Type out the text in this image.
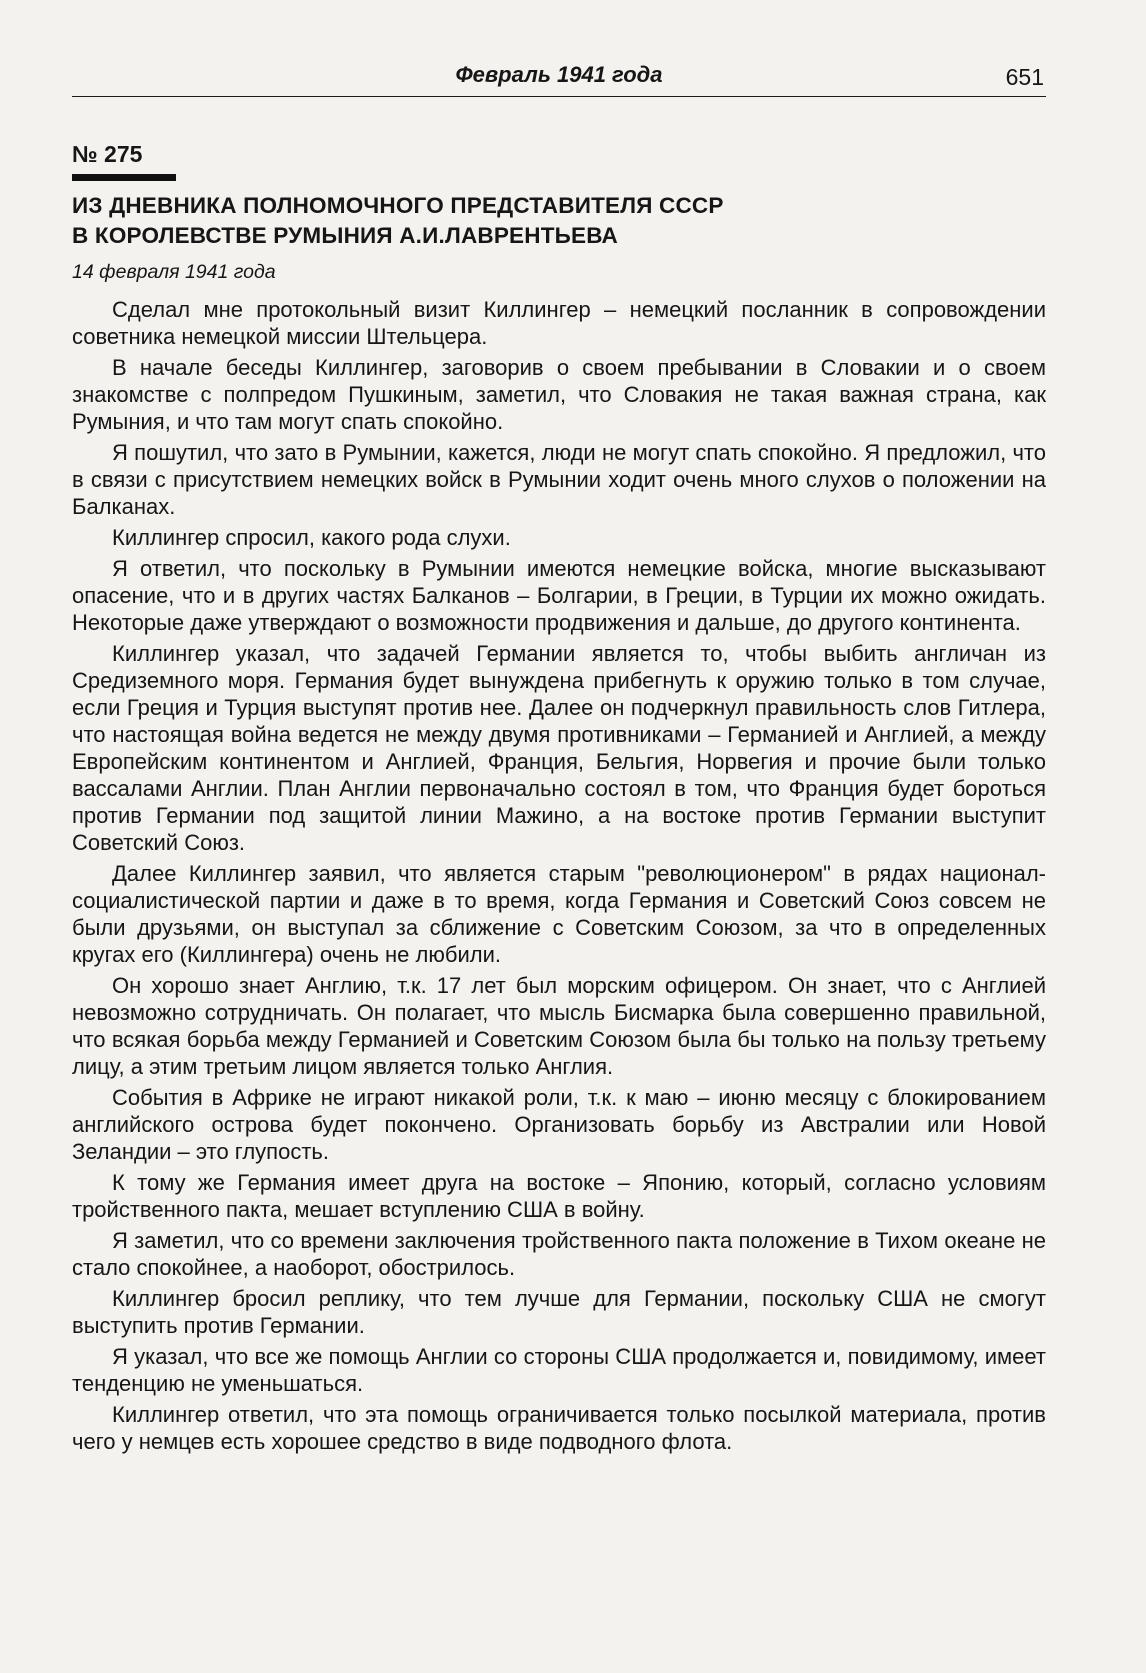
Февраль 1941 года	651
№ 275
ИЗ ДНЕВНИКА ПОЛНОМОЧНОГО ПРЕДСТАВИТЕЛЯ СССР
В КОРОЛЕВСТВЕ РУМЫНИЯ А.И.ЛАВРЕНТЬЕВА
14 февраля 1941 года

Сделал мне протокольный визит Киллингер – немецкий посланник в сопровождении советника немецкой миссии Штельцера.

В начале беседы Киллингер, заговорив о своем пребывании в Словакии и о своем знакомстве с полпредом Пушкиным, заметил, что Словакия не такая важная страна, как Румыния, и что там могут спать спокойно.

Я пошутил, что зато в Румынии, кажется, люди не могут спать спокойно. Я предложил, что в связи с присутствием немецких войск в Румынии ходит очень много слухов о положении на Балканах.

Киллингер спросил, какого рода слухи.

Я ответил, что поскольку в Румынии имеются немецкие войска, многие высказывают опасение, что и в других частях Балканов – Болгарии, в Греции, в Турции их можно ожидать. Некоторые даже утверждают о возможности продвижения и дальше, до другого континента.

Киллингер указал, что задачей Германии является то, чтобы выбить англичан из Средиземного моря. Германия будет вынуждена прибегнуть к оружию только в том случае, если Греция и Турция выступят против нее. Далее он подчеркнул правильность слов Гитлера, что настоящая война ведется не между двумя противниками – Германией и Англией, а между Европейским континентом и Англией, Франция, Бельгия, Норвегия и прочие были только вассалами Англии. План Англии первоначально состоял в том, что Франция будет бороться против Германии под защитой линии Мажино, а на востоке против Германии выступит Советский Союз.

Далее Киллингер заявил, что является старым "революционером" в рядах национал-социалистической партии и даже в то время, когда Германия и Советский Союз совсем не были друзьями, он выступал за сближение с Советским Союзом, за что в определенных кругах его (Киллингера) очень не любили.

Он хорошо знает Англию, т.к. 17 лет был морским офицером. Он знает, что с Англией невозможно сотрудничать. Он полагает, что мысль Бисмарка была совершенно правильной, что всякая борьба между Германией и Советским Союзом была бы только на пользу третьему лицу, а этим третьим лицом является только Англия.

События в Африке не играют никакой роли, т.к. к маю – июню месяцу с блокированием английского острова будет покончено. Организовать борьбу из Австралии или Новой Зеландии – это глупость.

К тому же Германия имеет друга на востоке – Японию, который, согласно условиям тройственного пакта, мешает вступлению США в войну.

Я заметил, что со времени заключения тройственного пакта положение в Тихом океане не стало спокойнее, а наоборот, обострилось.

Киллингер бросил реплику, что тем лучше для Германии, поскольку США не смогут выступить против Германии.

Я указал, что все же помощь Англии со стороны США продолжается и, повидимому, имеет тенденцию не уменьшаться.

Киллингер ответил, что эта помощь ограничивается только посылкой материала, против чего у немцев есть хорошее средство в виде подводного флота.
